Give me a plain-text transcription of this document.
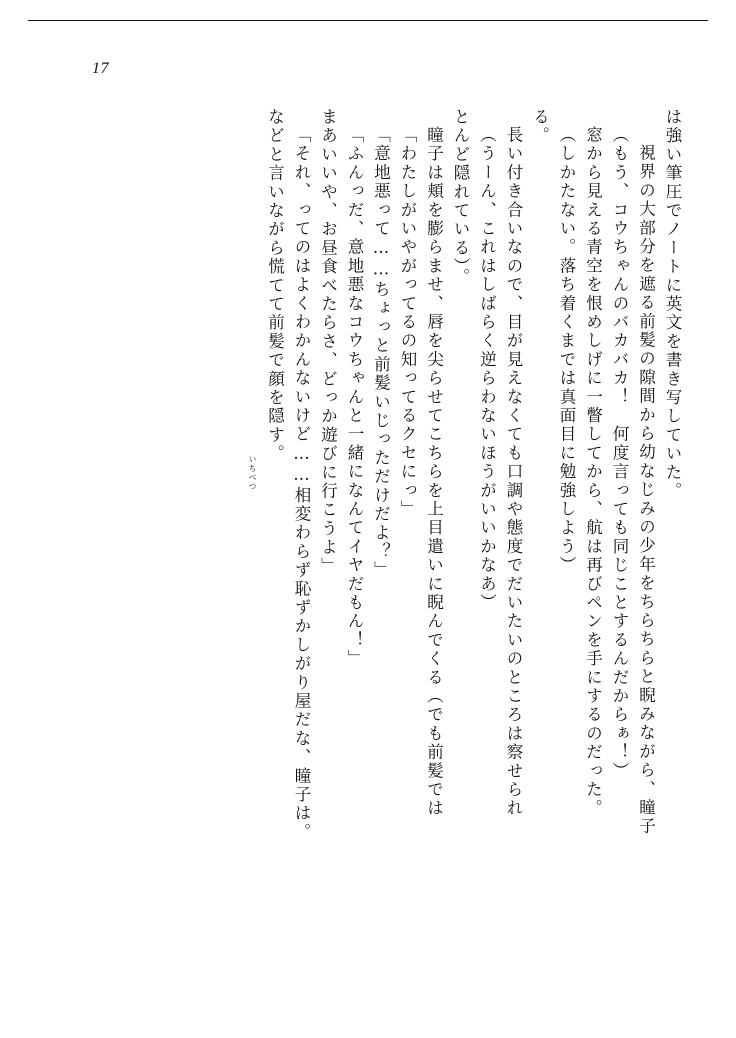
17
などと言いながら慌てて前髪で顔を隠す。 「それ、ってのはよくわかんないけど……相変わらず恥ずかしがり屋だな、瞳子は。 まあいいや、お昼食べたらさ、どっか遊びに行こうよ」 「ふんっだ、意地悪なコウちゃんと一緒になんてイヤだもん！」 「意地悪って……ちょっと前髪いじっただけだよ？」 「わたしがいやがってるの知ってるクセにっ」 瞳子は頬を膨らませ、唇を尖らせてこちらを上目遣いに睨んでくる（でも前髪では とんど隠れている）。 （うーん、これはしばらく逆らわないほうがいいかなあ） 長い付き合いなので、目が見えなくても口調や態度でだいたいのところは察せられ る。 （しかたない。落ち着くまでは真面目に勉強しよう） 窓から見える青空を恨めしげに一瞥してから、航は再びペンを手にするのだった。 （もう、コウちゃんのバカバカ！　何度言っても同じことするんだからぁ！） 視界の大部分を遮る前髪の隙間から幼なじみの少年をちらちらと睨みながら、瞳子 は強い筆圧でノートに英文を書き写していた。
いちべつ
